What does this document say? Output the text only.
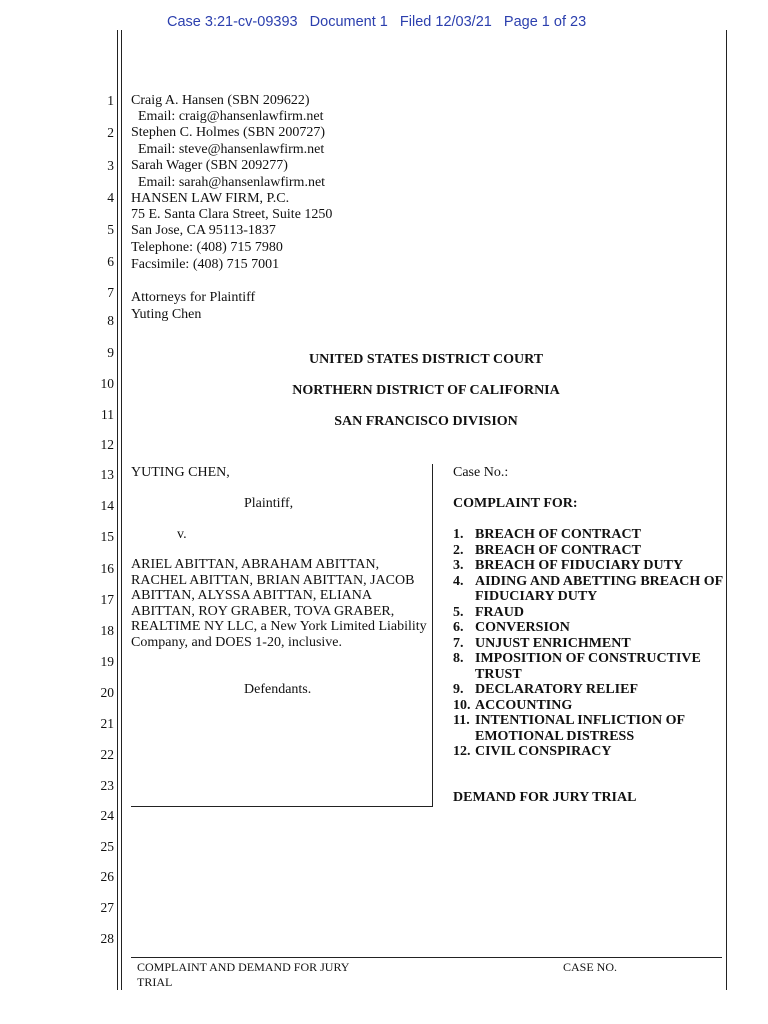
Case 3:21-cv-09393   Document 1   Filed 12/03/21   Page 1 of 23
1
2
3
4
5
6
7
8
9
10
11
12
13
14
15
16
17
18
19
20
21
22
23
24
25
26
27
28
Craig A. Hansen (SBN 209622)
Email: craig@hansenlawfirm.net
Stephen C. Holmes (SBN 200727)
Email: steve@hansenlawfirm.net
Sarah Wager (SBN 209277)
Email: sarah@hansenlawfirm.net
HANSEN LAW FIRM, P.C.
75 E. Santa Clara Street, Suite 1250
San Jose, CA 95113-1837
Telephone: (408) 715 7980
Facsimile: (408) 715 7001
Attorneys for Plaintiff
Yuting Chen
UNITED STATES DISTRICT COURT
NORTHERN DISTRICT OF CALIFORNIA
SAN FRANCISCO DIVISION
YUTING CHEN,
Plaintiff,
v.
ARIEL ABITTAN, ABRAHAM ABITTAN, RACHEL ABITTAN, BRIAN ABITTAN, JACOB ABITTAN, ALYSSA ABITTAN, ELIANA ABITTAN, ROY GRABER, TOVA GRABER, REALTIME NY LLC, a New York Limited Liability Company, and DOES 1-20, inclusive.
Defendants.
Case No.:
COMPLAINT FOR:
1. BREACH OF CONTRACT
2. BREACH OF CONTRACT
3. BREACH OF FIDUCIARY DUTY
4. AIDING AND ABETTING BREACH OF FIDUCIARY DUTY
5. FRAUD
6. CONVERSION
7. UNJUST ENRICHMENT
8. IMPOSITION OF CONSTRUCTIVE TRUST
9. DECLARATORY RELIEF
10. ACCOUNTING
11. INTENTIONAL INFLICTION OF EMOTIONAL DISTRESS
12. CIVIL CONSPIRACY
DEMAND FOR JURY TRIAL
COMPLAINT AND DEMAND FOR JURY TRIAL
CASE NO.
